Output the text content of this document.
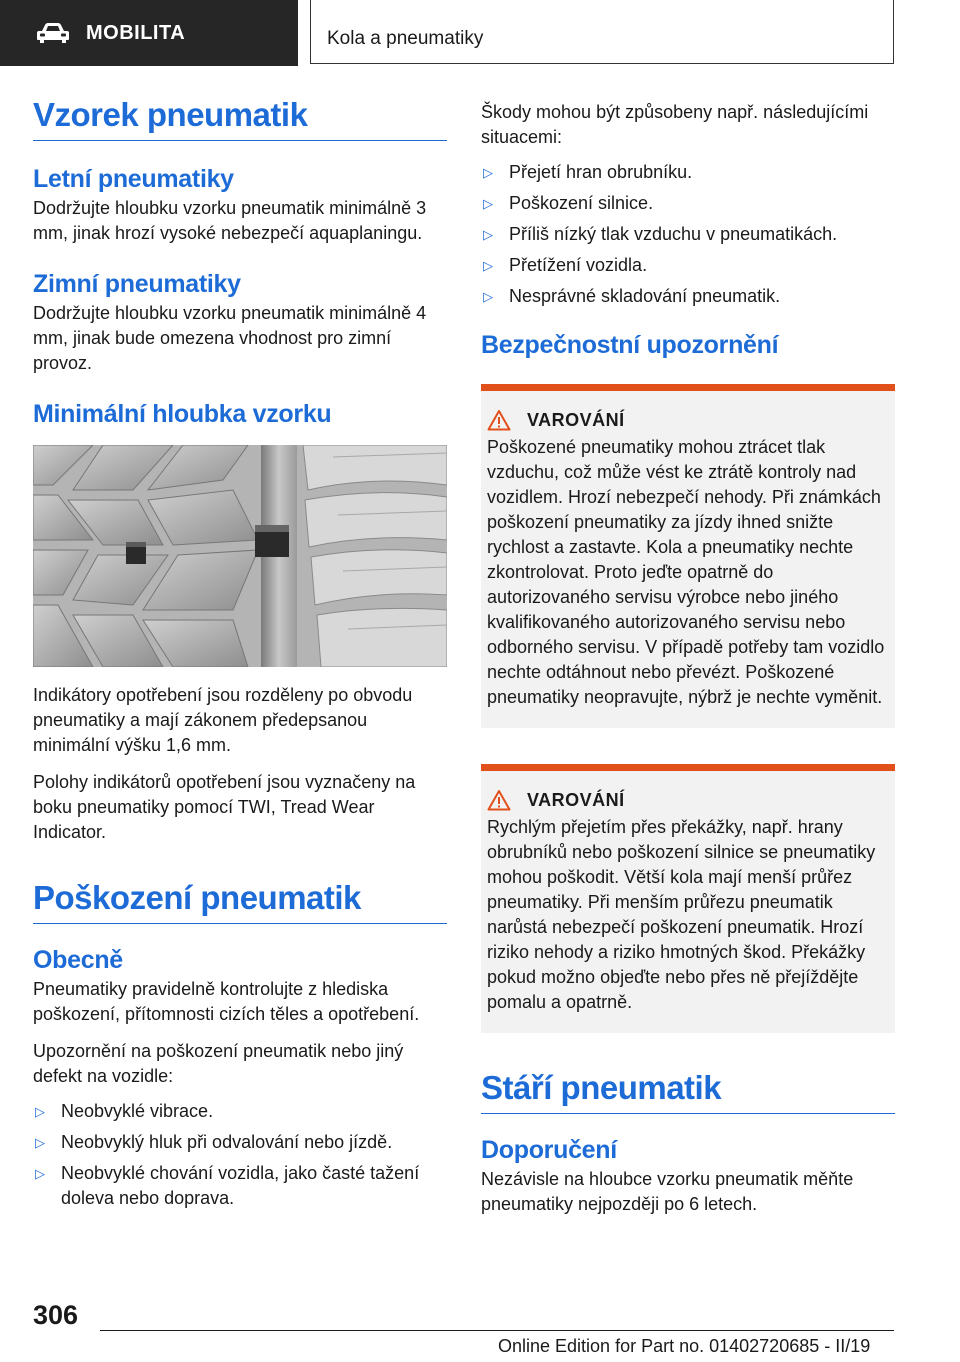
MOBILITA	Kola a pneumatiky
Vzorek pneumatik
Letní pneumatiky

Dodržujte hloubku vzorku pneumatik minimálně 3 mm, jinak hrozí vysoké nebezpečí aquaplaningu.

Zimní pneumatiky

Dodržujte hloubku vzorku pneumatik minimálně 4 mm, jinak bude omezena vhodnost pro zimní provoz.

Minimální hloubka vzorku

Indikátory opotřebení jsou rozděleny po obvodu pneumatiky a mají zákonem předepsanou minimální výšku 1,6 mm.

Polohy indikátorů opotřebení jsou vyznačeny na boku pneumatiky pomocí TWI, Tread Wear Indicator.

Poškození pneumatik
Obecně

Pneumatiky pravidelně kontrolujte z hlediska poškození, přítomnosti cizích těles a opotřebení.

Upozornění na poškození pneumatik nebo jiný defekt na vozidle:

▷ Neobvyklé vibrace.
▷ Neobvyklý hluk při odvalování nebo jízdě.
▷ Neobvyklé chování vozidla, jako časté tažení doleva nebo doprava.

Škody mohou být způsobeny např. následujícími situacemi:

▷ Přejetí hran obrubníku.
▷ Poškození silnice.
▷ Příliš nízký tlak vzduchu v pneumatikách.
▷ Přetížení vozidla.
▷ Nesprávné skladování pneumatik.
Bezpečnostní upozornění
VAROVÁNÍ

Poškozené pneumatiky mohou ztrácet tlak vzduchu, což může vést ke ztrátě kontroly nad vozidlem. Hrozí nebezpečí nehody. Při známkách poškození pneumatiky za jízdy ihned snižte rychlost a zastavte. Kola a pneumatiky nechte zkontrolovat. Proto jeďte opatrně do autorizovaného servisu výrobce nebo jiného kvalifikovaného autorizovaného servisu nebo odborného servisu. V případě potřeby tam vozidlo nechte odtáhnout nebo převézt. Poškozené pneumatiky neopravujte, nýbrž je nechte vyměnit.

VAROVÁNÍ

Rychlým přejetím přes překážky, např. hrany obrubníků nebo poškození silnice se pneumatiky mohou poškodit. Větší kola mají menší průřez pneumatiky. Při menším průřezu pneumatik narůstá nebezpečí poškození pneumatik. Hrozí riziko nehody a riziko hmotných škod. Překážky pokud možno objeďte nebo přes ně přejíždějte pomalu a opatrně.

Stáří pneumatik
Doporučení

Nezávisle na hloubce vzorku pneumatik měňte pneumatiky nejpozději po 6 letech.

306
Online Edition for Part no. 01402720685 - II/19
